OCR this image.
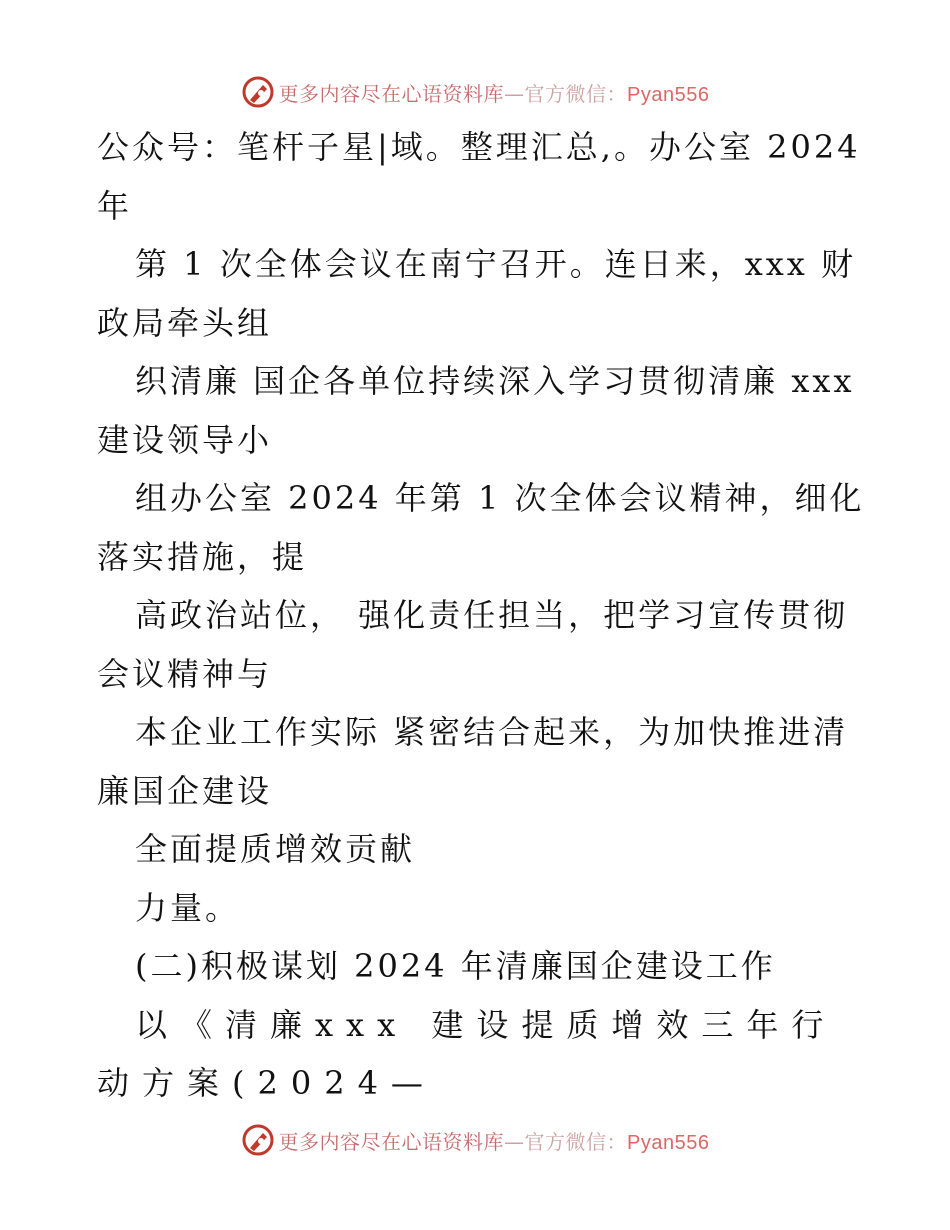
更多内容尽在心语资料库—官方微信：Pyan556
公众号：笔杆子星|域。整理汇总,。办公室 2024
年
第 1 次全体会议在南宁召开。连日来，xxx 财
政局牵头组
织清廉 国企各单位持续深入学习贯彻清廉 xxx
建设领导小
组办公室 2024 年第 1 次全体会议精神，细化
落实措施，提
高政治站位， 强化责任担当，把学习宣传贯彻
会议精神与
本企业工作实际 紧密结合起来，为加快推进清
廉国企建设
全面提质增效贡献
力量。
(二)积极谋划 2024 年清廉国企建设工作
以《清廉xxx 建设提质增效三年行
动方案(2024—
更多内容尽在心语资料库—官方微信：Pyan556
